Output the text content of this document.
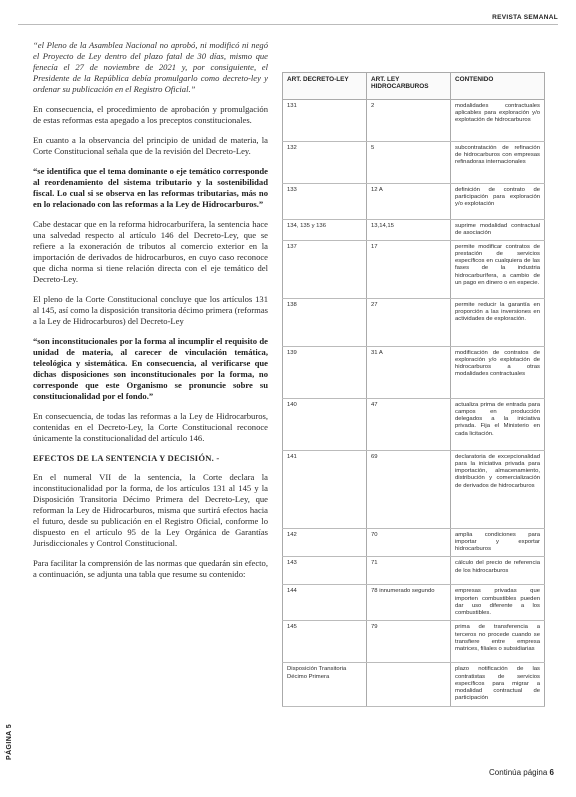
REVISTA SEMANAL

“el Pleno de la Asamblea Nacional no aprobó, ni modificó ni negó el Proyecto de Ley dentro del plazo fatal de 30 días, mismo que fenecía el 27 de noviembre de 2021 y, por consiguiente, el Presidente de la República debía promulgarlo como decreto-ley y ordenar su publicación en el Registro Oficial.”

En consecuencia, el procedimiento de aprobación y promulgación de estas reformas esta apegado a los preceptos constitucionales.

En cuanto a la observancia del principio de unidad de materia, la Corte Constitucional señala que de la revisión del Decreto-Ley.

“se identifica que el tema dominante o eje temático corresponde al reordenamiento del sistema tributario y la sostenibilidad fiscal. Lo cual si se observa en las reformas tributarias, más no en lo relacionado con las reformas a la Ley de Hidrocarburos.”

Cabe destacar que en la reforma hidrocarburífera, la sentencia hace una salvedad respecto al artículo 146 del Decreto-Ley, que se refiere a la exoneración de tributos al comercio exterior en la importación de derivados de hidrocarburos, en cuyo caso reconoce que dicha norma si tiene relación directa con el eje temático del Decreto-Ley.

El pleno de la Corte Constitucional concluye que los artículos 131 al 145, así como la disposición transitoria décimo primera (reformas a la Ley de Hidrocarburos) del Decreto-Ley

“son inconstitucionales por la forma al incumplir el requisito de unidad de materia, al carecer de vinculación temática, teleológica y sistemática. En consecuencia, al verificarse que dichas disposiciones son inconstitucionales por la forma, no corresponde que este Organismo se pronuncie sobre su constitucionalidad por el fondo.”

En consecuencia, de todas las reformas a la Ley de Hidrocarburos, contenidas en el Decreto-Ley, la Corte Constitucional reconoce únicamente la constitucionalidad del artículo 146.

EFECTOS DE LA SENTENCIA Y DECISIÓN. -

En el numeral VII de la sentencia, la Corte declara la inconstitucionalidad por la forma, de los artículos 131 al 145 y la Disposición Transitoria Décimo Primera del Decreto-Ley, que reforman la Ley de Hidrocarburos, misma que surtirá efectos hacia el futuro, desde su publicación en el Registro Oficial, conforme lo dispuesto en el artículo 95 de la Ley Orgánica de Garantías Jurisdiccionales y Control Constitucional.

Para facilitar la comprensión de las normas que quedarán sin efecto, a continuación, se adjunta una tabla que resume su contenido:

ART. DECRETO-LEY	ART. LEY HIDROCARBUROS	CONTENIDO
131	2	modalidades contractuales aplicables para exploración y/o explotación de hidrocarburos
132	5	subcontratación de refinación de hidrocarburos con empresas refinadoras internacionales
133	12 A	definición de contrato de participación para exploración y/o explotación
134, 135 y 136	13,14,15	suprime modalidad contractual de asociación
137	17	permite modificar contratos de prestación de servicios específicos en cualquiera de las fases de la industria hidrocarburífera, a cambio de un pago en dinero o en especie.
138	27	permite reducir la garantía en proporción a las inversiones en actividades de exploración.
139	31 A	modificación de contratos de exploración y/o explotación de hidrocarburos a otras modalidades contractuales
140	47	actualiza prima de entrada para campos en producción delegados a la iniciativa privada. Fija el Ministerio en cada licitación.
141	69	declaratoria de excepcionalidad para la iniciativa privada para importación, almacenamiento, distribución y comercialización de derivados de hidrocarburos
142	70	amplia condiciones para importar y exportar hidrocarburos
143	71	cálculo del precio de referencia de los hidrocarburos
144	78 innumerado segundo	empresas privadas que importen combustibles pueden dar uso diferente a los combustibles.
145	79	prima de transferencia a terceros no procede cuando se transfiere entre empresa matrices, filiales o subsidiarias
Disposición Transitoria Décimo Primera		plazo notificación de las contratistas de servicios específicos para migrar a modalidad contractual de participación
PÁGINA 5
Continúa página 6
